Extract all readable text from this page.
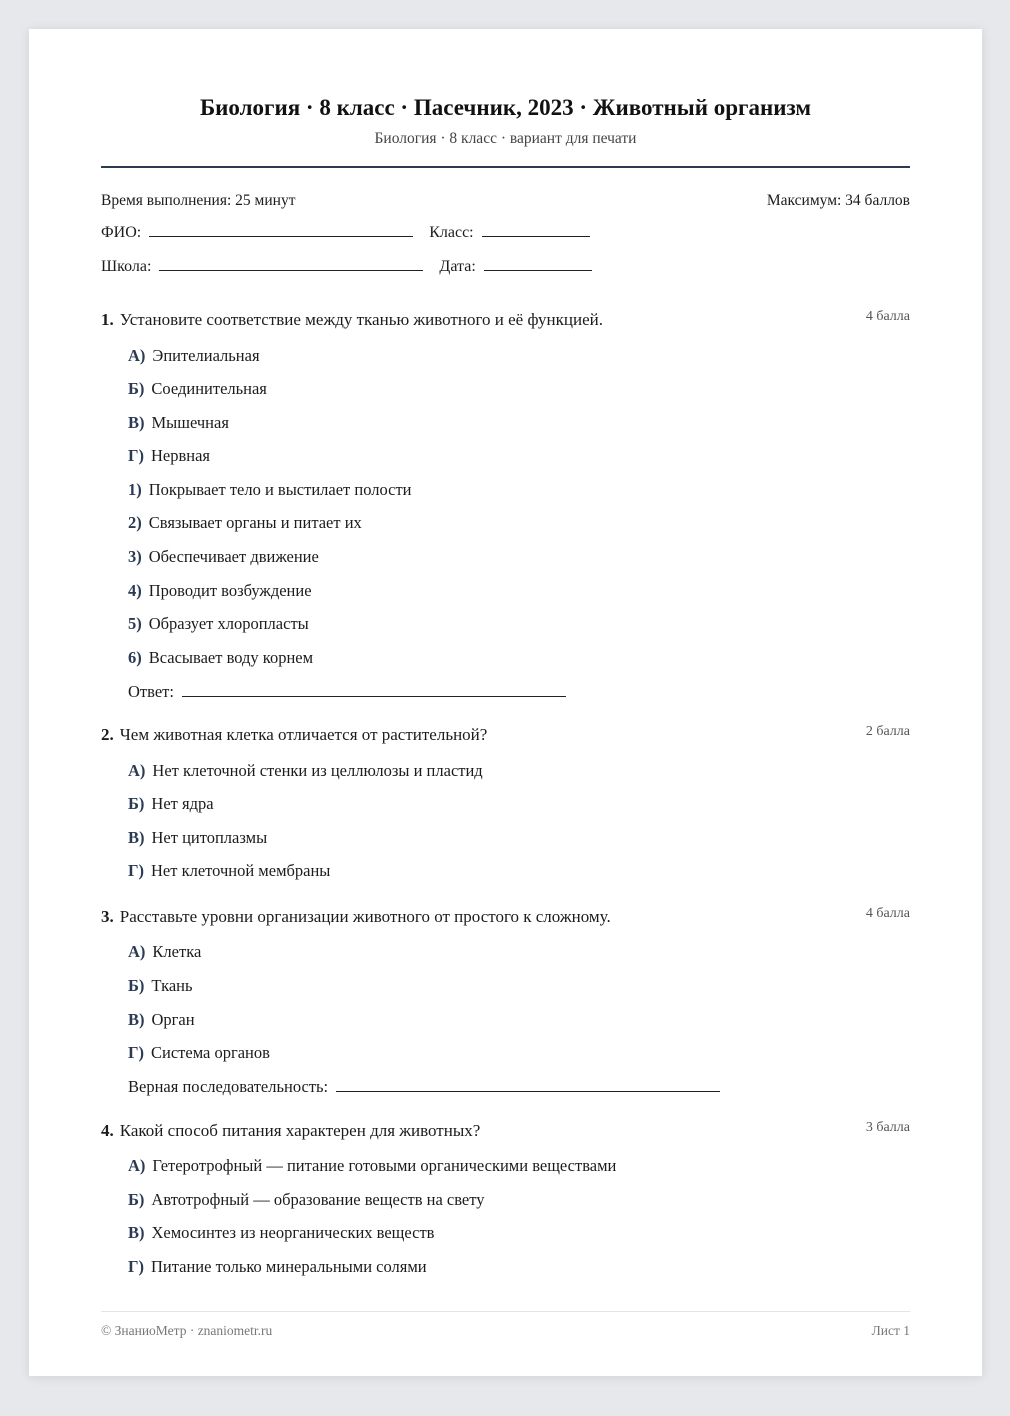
Биология · 8 класс · Пасечник, 2023 · Животный организм
Биология · 8 класс · вариант для печати
Время выполнения: 25 минут	Максимум: 34 баллов
ФИО:	Класс:
Школа:	Дата:
1. Установите соответствие между тканью животного и её функцией.	4 балла
А) Эпителиальная
Б) Соединительная
В) Мышечная
Г) Нервная
1) Покрывает тело и выстилает полости
2) Связывает органы и питает их
3) Обеспечивает движение
4) Проводит возбуждение
5) Образует хлоропласты
6) Всасывает воду корнем
Ответ:
2. Чем животная клетка отличается от растительной?	2 балла
А) Нет клеточной стенки из целлюлозы и пластид
Б) Нет ядра
В) Нет цитоплазмы
Г) Нет клеточной мембраны
3. Расставьте уровни организации животного от простого к сложному.	4 балла
А) Клетка
Б) Ткань
В) Орган
Г) Система органов
Верная последовательность:
4. Какой способ питания характерен для животных?	3 балла
А) Гетеротрофный — питание готовыми органическими веществами
Б) Автотрофный — образование веществ на свету
В) Хемосинтез из неорганических веществ
Г) Питание только минеральными солями
© ЗнаниоМетр · znaniometr.ru	Лист 1
